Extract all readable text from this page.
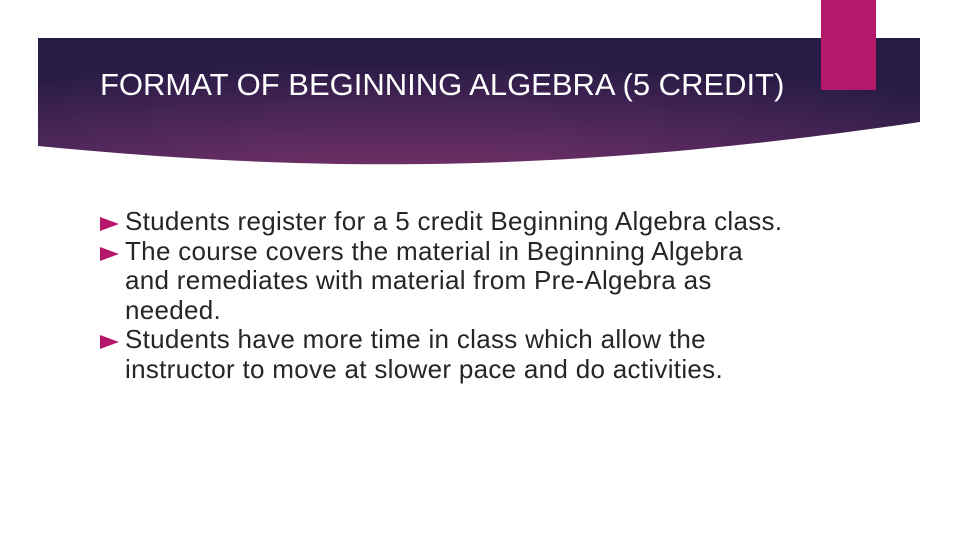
FORMAT OF BEGINNING ALGEBRA (5 CREDIT)
Students register for a 5 credit Beginning Algebra class.
The course covers the material in Beginning Algebra and remediates with material from Pre-Algebra as needed.
Students have more time in class which allow the instructor to move at slower pace and do activities.
